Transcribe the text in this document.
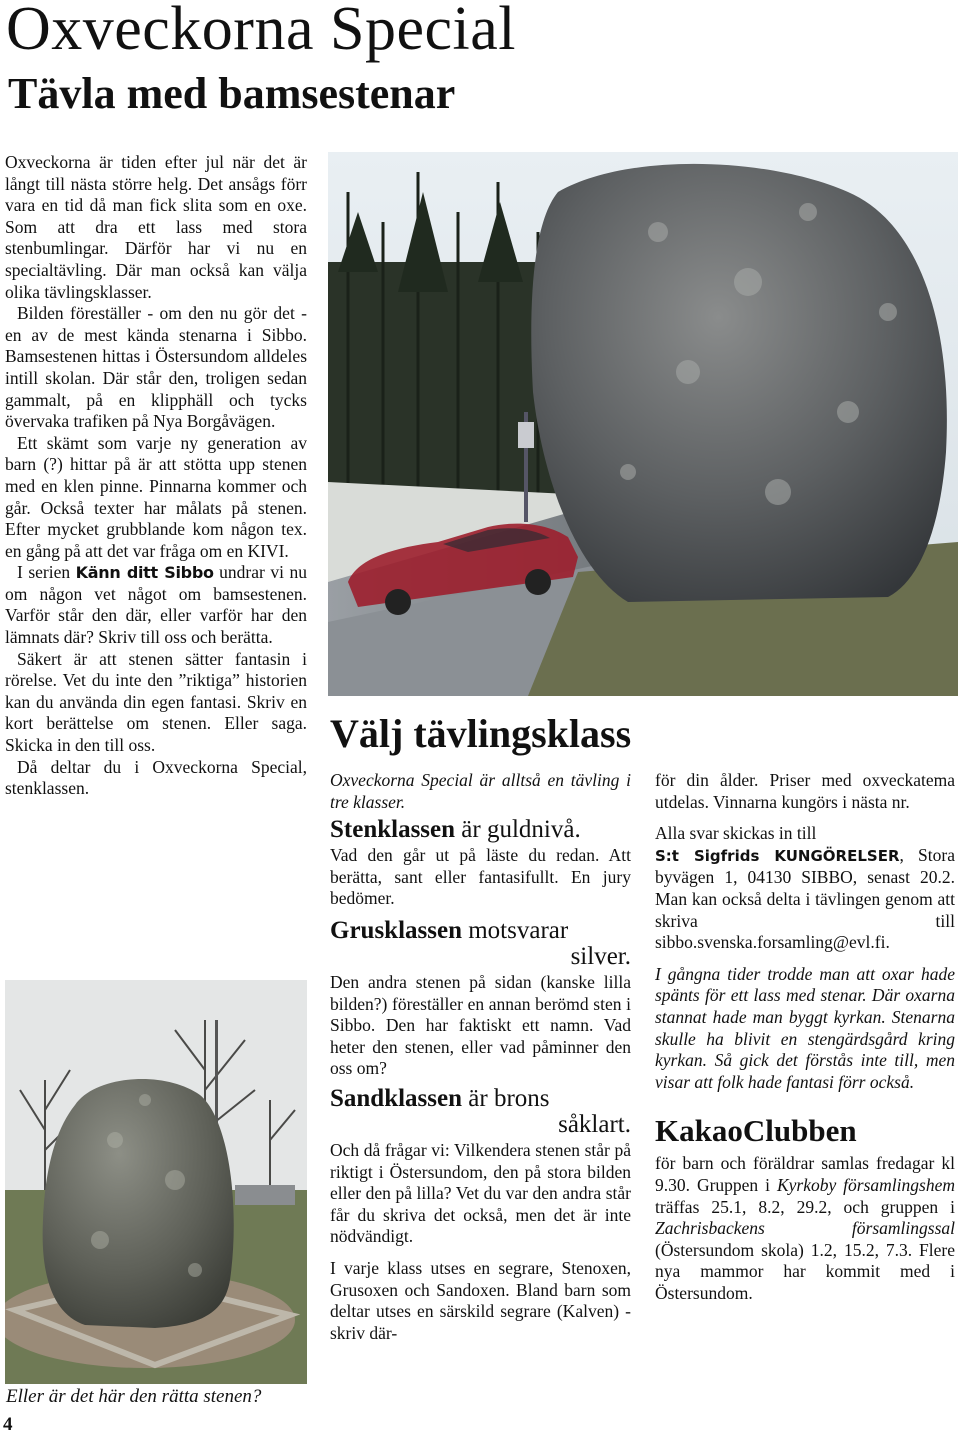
Oxveckorna Special
Tävla med bamsestenar

Oxveckorna är tiden efter jul när det är långt till nästa större helg. Det ansågs förr vara en tid då man fick slita som en oxe. Som att dra ett lass med stora stenbumlingar. Därför har vi nu en specialtävling. Där man också kan välja olika tävlingsklasser.

Bilden föreställer - om den nu gör det - en av de mest kända stenarna i Sibbo. Bamsestenen hittas i Östersundom alldeles intill skolan. Där står den, troligen sedan gammalt, på en klipphäll och tycks övervaka trafiken på Nya Borgåvägen.

Ett skämt som varje ny generation av barn (?) hittar på är att stötta upp stenen med en klen pinne. Pinnarna kommer och går. Också texter har målats på stenen. Efter mycket grubblande kom någon tex. en gång på att det var fråga om en KIVI.

I serien Känn ditt Sibbo undrar vi nu om någon vet något om bamsestenen. Varför står den där, eller varför har den lämnats där? Skriv till oss och berätta.

Säkert är att stenen sätter fantasin i rörelse. Vet du inte den ”riktiga” historien kan du använda din egen fantasi. Skriv en kort berättelse om stenen. Eller saga. Skicka in den till oss.

Då deltar du i Oxveckorna Special, stenklassen.

Eller är det här den rätta stenen?
4
Välj tävlingsklass

Oxveckorna Special är alltså en tävling i tre klasser.

Stenklassen är guldnivå.

Vad den går ut på läste du redan. Att berätta, sant eller fantasifullt. En jury bedömer.

Grusklassen motsvarar
silver.

Den andra stenen på sidan (kanske lilla bilden?) föreställer en annan berömd sten i Sibbo. Den har faktiskt ett namn. Vad heter den stenen, eller vad påminner den oss om?

Sandklassen är brons
såklart.

Och då frågar vi: Vilkendera stenen står på riktigt i Östersundom, den på stora bilden eller den på lilla? Vet du var den andra står får du skriva det också, men det är inte nödvändigt.

I varje klass utses en segrare, Stenoxen, Grusoxen och Sandoxen. Bland barn som deltar utses en särskild segrare (Kalven) - skriv där-

för din ålder. Priser med oxveckatema utdelas. Vinnarna kungörs i nästa nr.

Alla svar skickas in till
S:t Sigfrids KUNGÖRELSER, Stora byvägen 1, 04130 SIBBO, senast 20.2. Man kan också delta i tävlingen genom att skriva till sibbo.svenska.forsamling@evl.fi.

I gångna tider trodde man att oxar hade spänts för ett lass med stenar. Där oxarna stannat hade man byggt kyrkan. Stenarna skulle ha blivit en stengärdsgård kring kyrkan. Så gick det förstås inte till, men visar att folk hade fantasi förr också.

KakaoClubben

för barn och föräldrar samlas fredagar kl 9.30. Gruppen i Kyrkoby församlingshem träffas 25.1, 8.2, 29.2, och gruppen i Zachrisbackens församlingssal (Östersundom skola) 1.2, 15.2, 7.3. Flere nya mammor har kommit med i Östersundom.
